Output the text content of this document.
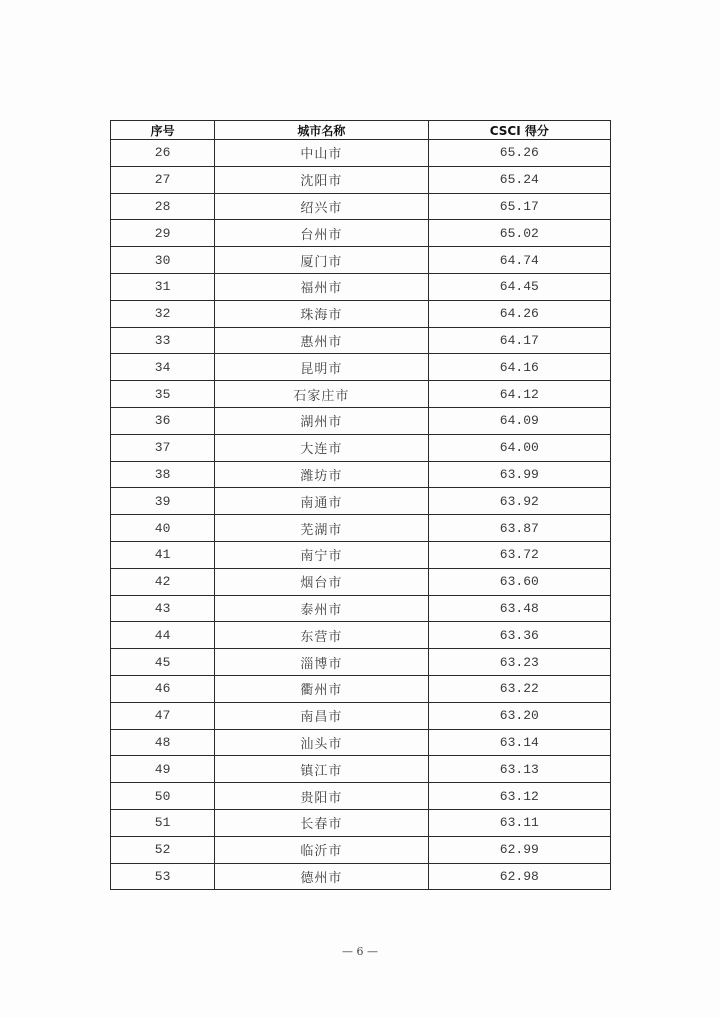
序号	城市名称	CSCI 得分
26	中山市	65.26
27	沈阳市	65.24
28	绍兴市	65.17
29	台州市	65.02
30	厦门市	64.74
31	福州市	64.45
32	珠海市	64.26
33	惠州市	64.17
34	昆明市	64.16
35	石家庄市	64.12
36	湖州市	64.09
37	大连市	64.00
38	潍坊市	63.99
39	南通市	63.92
40	芜湖市	63.87
41	南宁市	63.72
42	烟台市	63.60
43	泰州市	63.48
44	东营市	63.36
45	淄博市	63.23
46	衢州市	63.22
47	南昌市	63.20
48	汕头市	63.14
49	镇江市	63.13
50	贵阳市	63.12
51	长春市	63.11
52	临沂市	62.99
53	德州市	62.98
— 6 —
